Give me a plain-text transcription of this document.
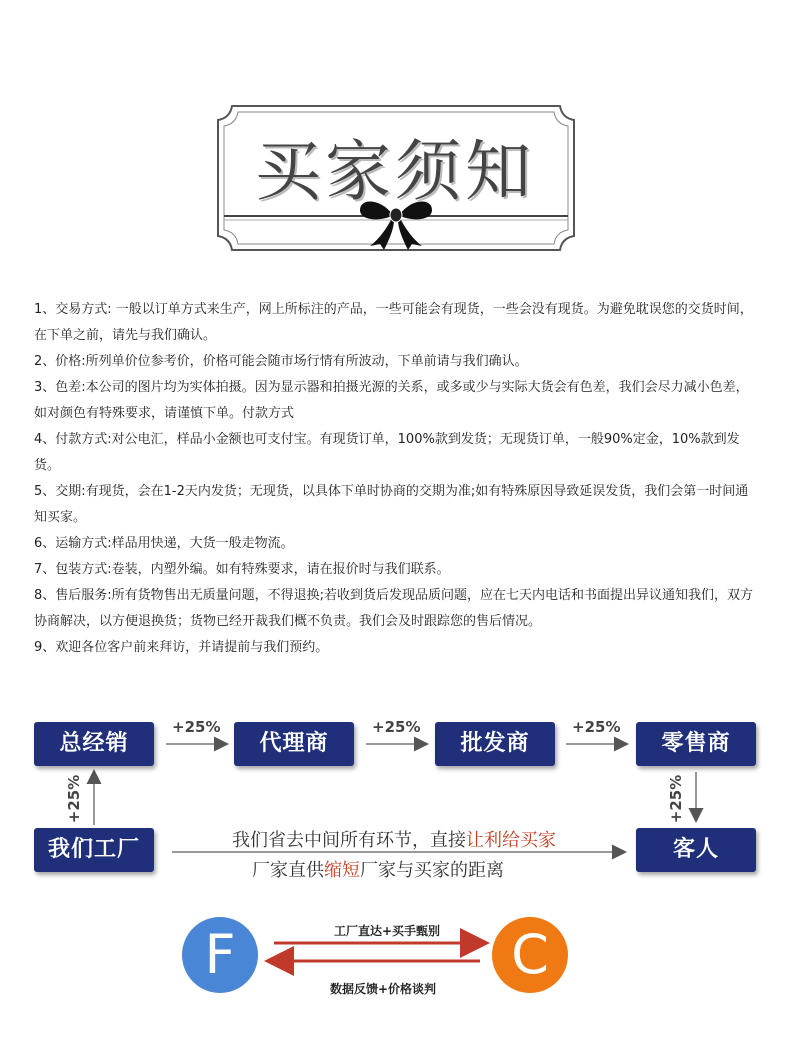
买家须知

1、交易方式: 一般以订单方式来生产，网上所标注的产品，一些可能会有现货，一些会没有现货。为避免耽误您的交货时间，在下单之前，请先与我们确认。

2、价格:所列单价位参考价，价格可能会随市场行情有所波动，下单前请与我们确认。

3、色差:本公司的图片均为实体拍摄。因为显示器和拍摄光源的关系，或多或少与实际大货会有色差，我们会尽力减小色差，如对颜色有特殊要求，请谨慎下单。付款方式

4、付款方式:对公电汇，样品小金额也可支付宝。有现货订单，100%款到发货；无现货订单，一般90%定金，10%款到发货。

5、交期:有现货，会在1-2天内发货；无现货，以具体下单时协商的交期为准;如有特殊原因导致延误发货，我们会第一时间通知买家。

6、运输方式:样品用快递，大货一般走物流。

7、包装方式:卷装，内塑外编。如有特殊要求，请在报价时与我们联系。

8、售后服务:所有货物售出无质量问题，不得退换;若收到货后发现品质问题，应在七天内电话和书面提出异议通知我们，双方协商解决，以方便退换货；货物已经开裁我们概不负责。我们会及时跟踪您的售后情况。

9、欢迎各位客户前来拜访，并请提前与我们预约。

总经销	代理商	批发商	零售商
我们工厂	客人
+25%	+25%	+25%
+25%	+25%
我们省去中间所有环节，直接让利给买家
厂家直供缩短厂家与买家的距离
F	C
工厂直达+买手甄别
数据反馈+价格谈判
